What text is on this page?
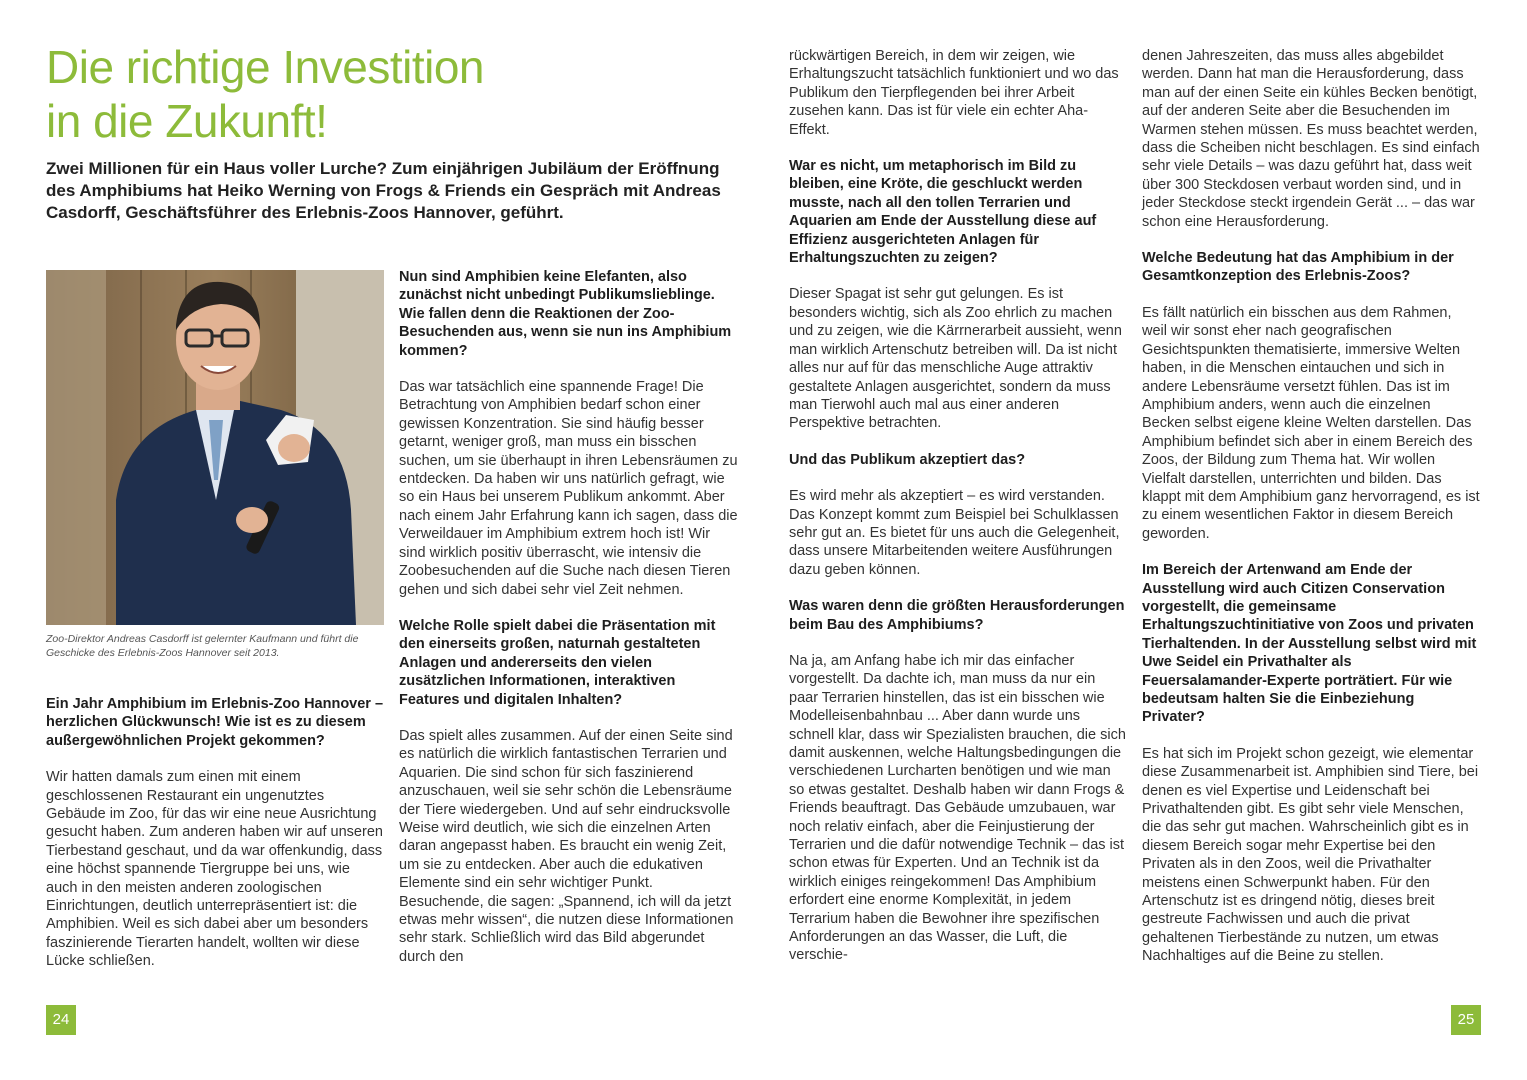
Die richtige Investition
in die Zukunft!

Zwei Millionen für ein Haus voller Lurche? Zum einjährigen Jubiläum der Eröffnung des Amphibiums hat Heiko Werning von Frogs & Friends ein Gespräch mit Andreas Casdorff, Geschäftsführer des Erlebnis-Zoos Hannover, geführt.

Zoo-Direktor Andreas Casdorff ist gelernter Kaufmann und führt die Geschicke des Erlebnis-Zoos Hannover seit 2013.

Ein Jahr Amphibium im Erlebnis-Zoo Hannover – herzlichen Glückwunsch! Wie ist es zu diesem außergewöhnlichen Projekt gekommen?

Wir hatten damals zum einen mit einem geschlossenen Restaurant ein ungenutztes Gebäude im Zoo, für das wir eine neue Ausrichtung gesucht haben. Zum anderen haben wir auf unseren Tierbestand geschaut, und da war offenkundig, dass eine höchst spannende Tiergruppe bei uns, wie auch in den meisten anderen zoologischen Einrichtungen, deutlich unterrepräsentiert ist: die Amphibien. Weil es sich dabei aber um besonders faszinierende Tierarten handelt, wollten wir diese Lücke schließen.

Nun sind Amphibien keine Elefanten, also zunächst nicht unbedingt Publikumslieblinge. Wie fallen denn die Reaktionen der Zoo-Besuchenden aus, wenn sie nun ins Amphibium kommen?

Das war tatsächlich eine spannende Frage! Die Betrachtung von Amphibien bedarf schon einer gewissen Konzentration. Sie sind häufig besser getarnt, weniger groß, man muss ein bisschen suchen, um sie überhaupt in ihren Lebensräumen zu entdecken. Da haben wir uns natürlich gefragt, wie so ein Haus bei unserem Publikum ankommt. Aber nach einem Jahr Erfahrung kann ich sagen, dass die Verweildauer im Amphibium extrem hoch ist! Wir sind wirklich positiv überrascht, wie intensiv die Zoobesuchenden auf die Suche nach diesen Tieren gehen und sich dabei sehr viel Zeit nehmen.

Welche Rolle spielt dabei die Präsentation mit den einerseits großen, naturnah gestalteten Anlagen und andererseits den vielen zusätzlichen Informationen, interaktiven Features und digitalen Inhalten?

Das spielt alles zusammen. Auf der einen Seite sind es natürlich die wirklich fantastischen Terrarien und Aquarien. Die sind schon für sich faszinierend anzuschauen, weil sie sehr schön die Lebensräume der Tiere wiedergeben. Und auf sehr eindrucksvolle Weise wird deutlich, wie sich die einzelnen Arten daran angepasst haben. Es braucht ein wenig Zeit, um sie zu entdecken. Aber auch die edukativen Elemente sind ein sehr wichtiger Punkt. Besuchende, die sagen: „Spannend, ich will da jetzt etwas mehr wissen“, die nutzen diese Informationen sehr stark. Schließlich wird das Bild abgerundet durch den

rückwärtigen Bereich, in dem wir zeigen, wie Erhaltungszucht tatsächlich funktioniert und wo das Publikum den Tierpflegenden bei ihrer Arbeit zusehen kann. Das ist für viele ein echter Aha-Effekt.

War es nicht, um metaphorisch im Bild zu bleiben, eine Kröte, die geschluckt werden musste, nach all den tollen Terrarien und Aquarien am Ende der Ausstellung diese auf Effizienz ausgerichteten Anlagen für Erhaltungszuchten zu zeigen?

Dieser Spagat ist sehr gut gelungen. Es ist besonders wichtig, sich als Zoo ehrlich zu machen und zu zeigen, wie die Kärrnerarbeit aussieht, wenn man wirklich Artenschutz betreiben will. Da ist nicht alles nur auf für das menschliche Auge attraktiv gestaltete Anlagen ausgerichtet, sondern da muss man Tierwohl auch mal aus einer anderen Perspektive betrachten.

Und das Publikum akzeptiert das?

Es wird mehr als akzeptiert – es wird verstanden. Das Konzept kommt zum Beispiel bei Schulklassen sehr gut an. Es bietet für uns auch die Gelegenheit, dass unsere Mitarbeitenden weitere Ausführungen dazu geben können.

Was waren denn die größten Herausforderungen beim Bau des Amphibiums?

Na ja, am Anfang habe ich mir das einfacher vorgestellt. Da dachte ich, man muss da nur ein paar Terrarien hinstellen, das ist ein bisschen wie Modelleisenbahnbau ... Aber dann wurde uns schnell klar, dass wir Spezialisten brauchen, die sich damit auskennen, welche Haltungsbedingungen die verschiedenen Lurcharten benötigen und wie man so etwas gestaltet. Deshalb haben wir dann Frogs & Friends beauftragt. Das Gebäude umzubauen, war noch relativ einfach, aber die Feinjustierung der Terrarien und die dafür notwendige Technik – das ist schon etwas für Experten. Und an Technik ist da wirklich einiges reingekommen! Das Amphibium erfordert eine enorme Komplexität, in jedem Terrarium haben die Bewohner ihre spezifischen Anforderungen an das Wasser, die Luft, die verschie-

denen Jahreszeiten, das muss alles abgebildet werden. Dann hat man die Herausforderung, dass man auf der einen Seite ein kühles Becken benötigt, auf der anderen Seite aber die Besuchenden im Warmen stehen müssen. Es muss beachtet werden, dass die Scheiben nicht beschlagen. Es sind einfach sehr viele Details – was dazu geführt hat, dass weit über 300 Steckdosen verbaut worden sind, und in jeder Steckdose steckt irgendein Gerät ... – das war schon eine Herausforderung.

Welche Bedeutung hat das Amphibium in der Gesamtkonzeption des Erlebnis-Zoos?

Es fällt natürlich ein bisschen aus dem Rahmen, weil wir sonst eher nach geografischen Gesichtspunkten thematisierte, immersive Welten haben, in die Menschen eintauchen und sich in andere Lebensräume versetzt fühlen. Das ist im Amphibium anders, wenn auch die einzelnen Becken selbst eigene kleine Welten darstellen. Das Amphibium befindet sich aber in einem Bereich des Zoos, der Bildung zum Thema hat. Wir wollen Vielfalt darstellen, unterrichten und bilden. Das klappt mit dem Amphibium ganz hervorragend, es ist zu einem wesentlichen Faktor in diesem Bereich geworden.

Im Bereich der Artenwand am Ende der Ausstellung wird auch Citizen Conservation vorgestellt, die gemeinsame Erhaltungszuchtinitiative von Zoos und privaten Tierhaltenden. In der Ausstellung selbst wird mit Uwe Seidel ein Privathalter als Feuersalamander-Experte porträtiert. Für wie bedeutsam halten Sie die Einbeziehung Privater?

Es hat sich im Projekt schon gezeigt, wie elementar diese Zusammenarbeit ist. Amphibien sind Tiere, bei denen es viel Expertise und Leidenschaft bei Privathaltenden gibt. Es gibt sehr viele Menschen, die das sehr gut machen. Wahrscheinlich gibt es in diesem Bereich sogar mehr Expertise bei den Privaten als in den Zoos, weil die Privathalter meistens einen Schwerpunkt haben. Für den Artenschutz ist es dringend nötig, dieses breit gestreute Fachwissen und auch die privat gehaltenen Tierbestände zu nutzen, um etwas Nachhaltiges auf die Beine zu stellen.

24	25
